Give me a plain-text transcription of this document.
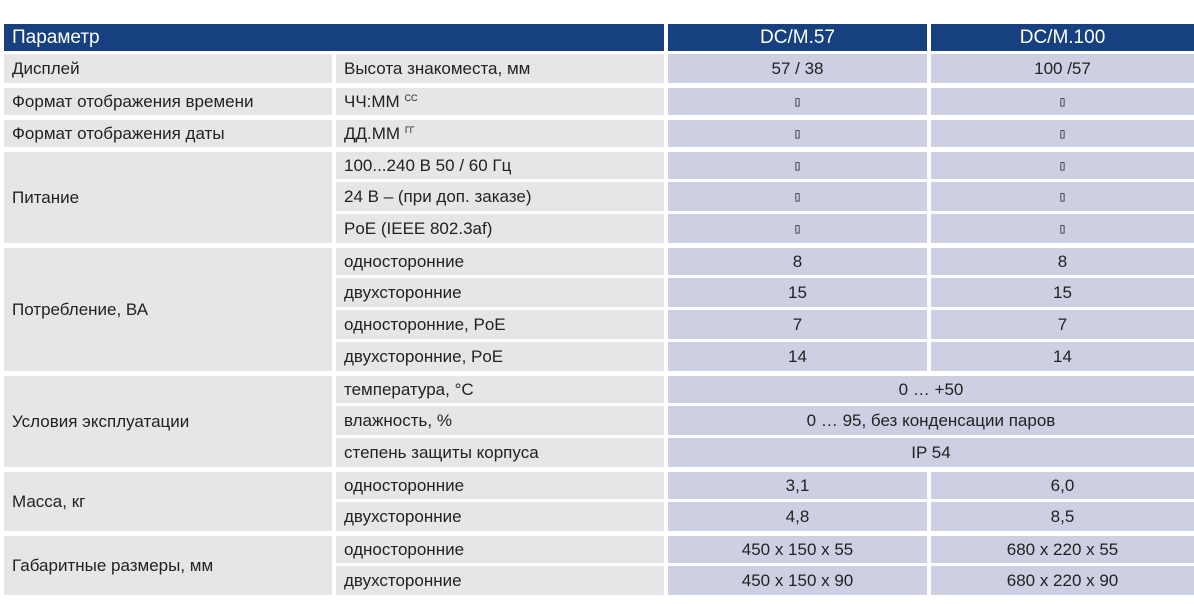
Параметр		DC/M.57	DC/M.100
Дисплей	Высота знакоместа, мм	57 / 38	100 /57
Формат отображения времени	ЧЧ:ММ $^{СС}$	▯	▯
Формат отображения даты	ДД.ММ $^{ГГ}$	▯	▯
Питание	100...240 В 50 / 60 Гц	▯	▯
	24 В – (при доп. заказе)	▯	▯
	PoE (IEEE 802.3af)	▯	▯
Потребление, ВА	односторонние	8	8
	двухсторонние	15	15
	односторонние, PoE	7	7
	двухсторонние, PoE	14	14
Условия эксплуатации	температура, °С	0 … +50	
	влажность, %	0 … 95, без конденсации паров	
	степень защиты корпуса	IP 54	
Масса, кг	односторонние	3,1	6,0
	двухсторонние	4,8	8,5
Габаритные размеры, мм	односторонние	450 x 150 x 55	680 x 220 x 55
	двухсторонние	450 x 150 x 90	680 x 220 x 90
